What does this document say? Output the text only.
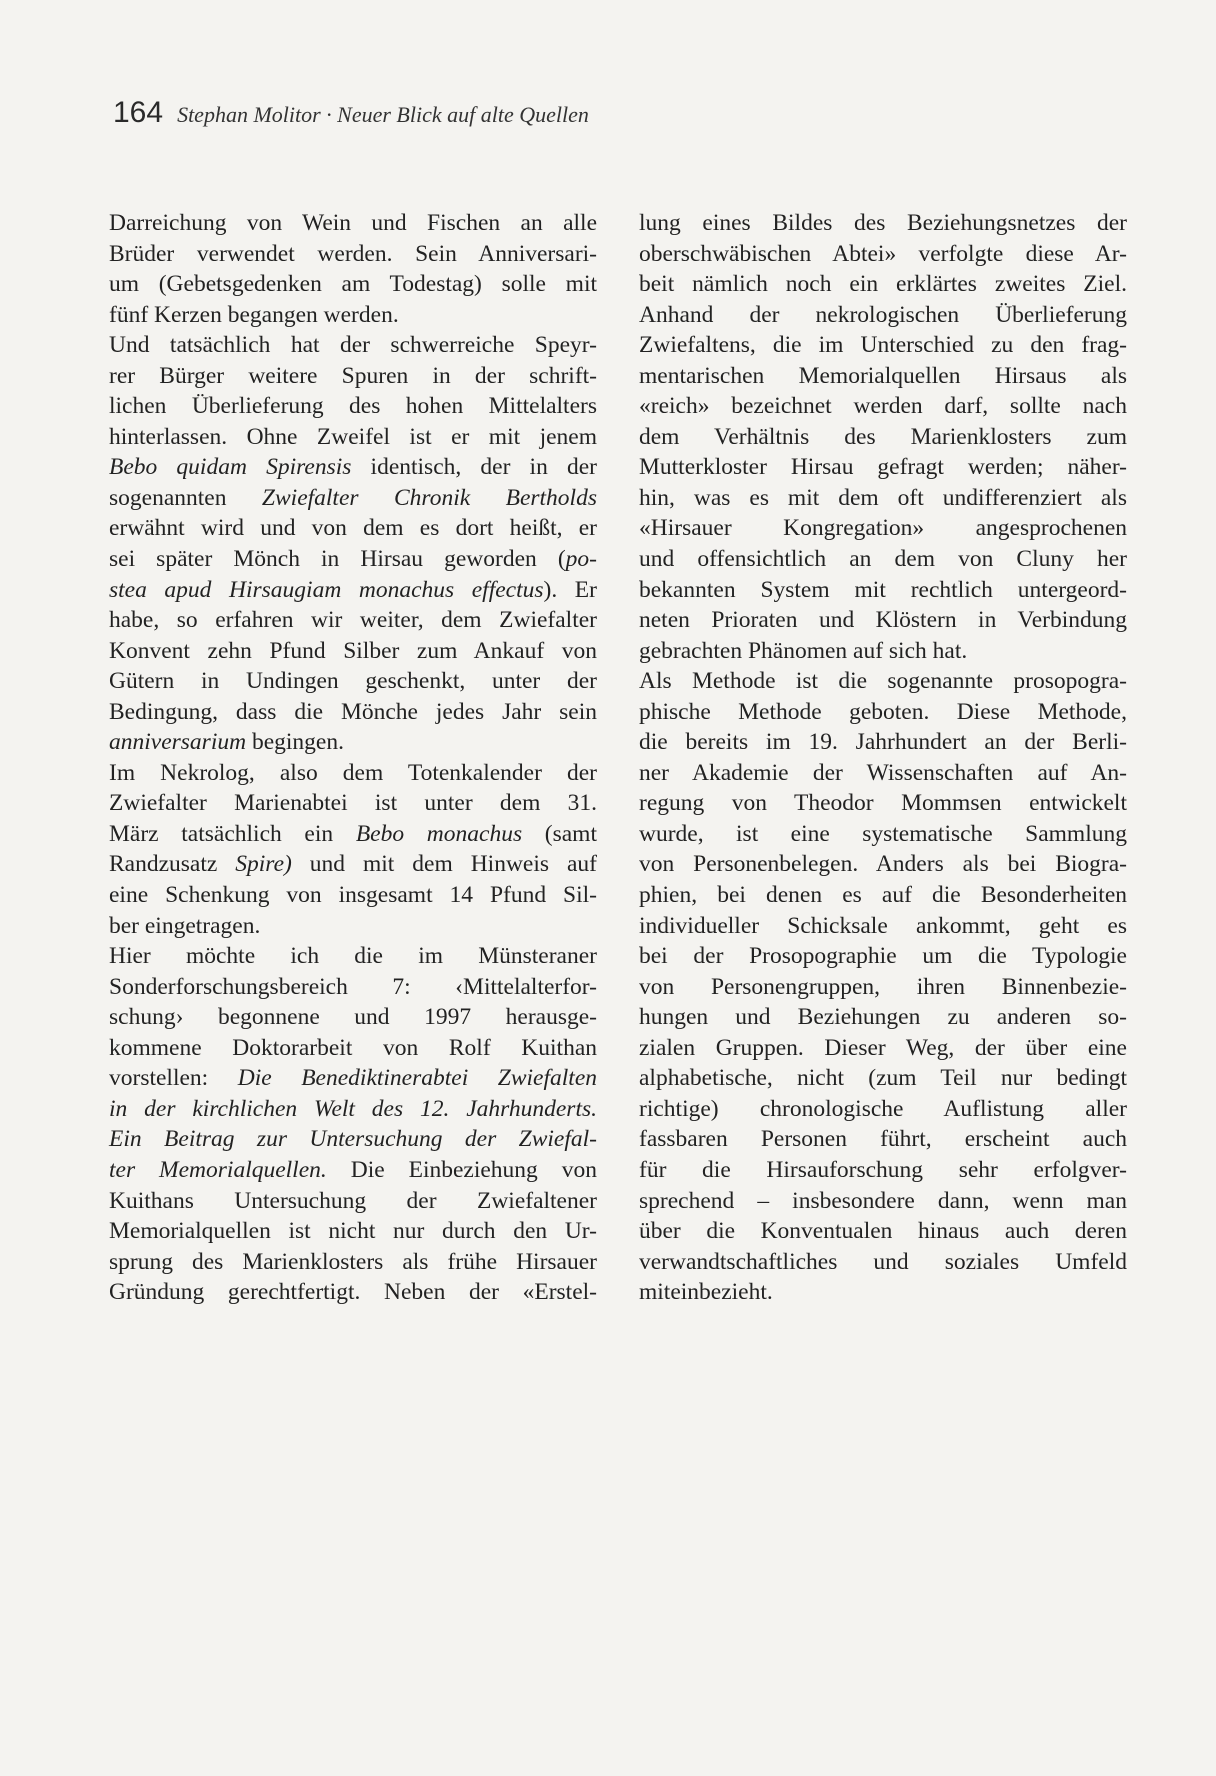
164 Stephan Molitor · Neuer Blick auf alte Quellen
Darreichung von Wein und Fischen an alle
Brüder verwendet werden. Sein Anniversari-
um (Gebetsgedenken am Todestag) solle mit
fünf Kerzen begangen werden.
Und tatsächlich hat der schwerreiche Speyr-
rer Bürger weitere Spuren in der schrift-
lichen Überlieferung des hohen Mittelalters
hinterlassen. Ohne Zweifel ist er mit jenem
Bebo quidam Spirensis identisch, der in der
sogenannten Zwiefalter Chronik Bertholds
erwähnt wird und von dem es dort heißt, er
sei später Mönch in Hirsau geworden (po-
stea apud Hirsaugiam monachus effectus). Er
habe, so erfahren wir weiter, dem Zwiefalter
Konvent zehn Pfund Silber zum Ankauf von
Gütern in Undingen geschenkt, unter der
Bedingung, dass die Mönche jedes Jahr sein
anniversarium begingen.
Im Nekrolog, also dem Totenkalender der
Zwiefalter Marienabtei ist unter dem 31.
März tatsächlich ein Bebo monachus (samt
Randzusatz Spire) und mit dem Hinweis auf
eine Schenkung von insgesamt 14 Pfund Sil-
ber eingetragen.
Hier möchte ich die im Münsteraner
Sonderforschungsbereich 7: ‹Mittelalterfor-
schung› begonnene und 1997 herausge-
kommene Doktorarbeit von Rolf Kuithan
vorstellen: Die Benediktinerabtei Zwiefalten
in der kirchlichen Welt des 12. Jahrhunderts.
Ein Beitrag zur Untersuchung der Zwiefal-
ter Memorialquellen. Die Einbeziehung von
Kuithans Untersuchung der Zwiefaltener
Memorialquellen ist nicht nur durch den Ur-
sprung des Marienklosters als frühe Hirsauer
Gründung gerechtfertigt. Neben der «Erstel-
lung eines Bildes des Beziehungsnetzes der
oberschwäbischen Abtei» verfolgte diese Ar-
beit nämlich noch ein erklärtes zweites Ziel.
Anhand der nekrologischen Überlieferung
Zwiefaltens, die im Unterschied zu den frag-
mentarischen Memorialquellen Hirsaus als
«reich» bezeichnet werden darf, sollte nach
dem Verhältnis des Marienklosters zum
Mutterkloster Hirsau gefragt werden; näher-
hin, was es mit dem oft undifferenziert als
«Hirsauer Kongregation» angesprochenen
und offensichtlich an dem von Cluny her
bekannten System mit rechtlich untergeord-
neten Prioraten und Klöstern in Verbindung
gebrachten Phänomen auf sich hat.
Als Methode ist die sogenannte prosopogra-
phische Methode geboten. Diese Methode,
die bereits im 19. Jahrhundert an der Berli-
ner Akademie der Wissenschaften auf An-
regung von Theodor Mommsen entwickelt
wurde, ist eine systematische Sammlung
von Personenbelegen. Anders als bei Biogra-
phien, bei denen es auf die Besonderheiten
individueller Schicksale ankommt, geht es
bei der Prosopographie um die Typologie
von Personengruppen, ihren Binnenbezie-
hungen und Beziehungen zu anderen so-
zialen Gruppen. Dieser Weg, der über eine
alphabetische, nicht (zum Teil nur bedingt
richtige) chronologische Auflistung aller
fassbaren Personen führt, erscheint auch
für die Hirsauforschung sehr erfolgver-
sprechend – insbesondere dann, wenn man
über die Konventualen hinaus auch deren
verwandtschaftliches und soziales Umfeld
miteinbezieht.
